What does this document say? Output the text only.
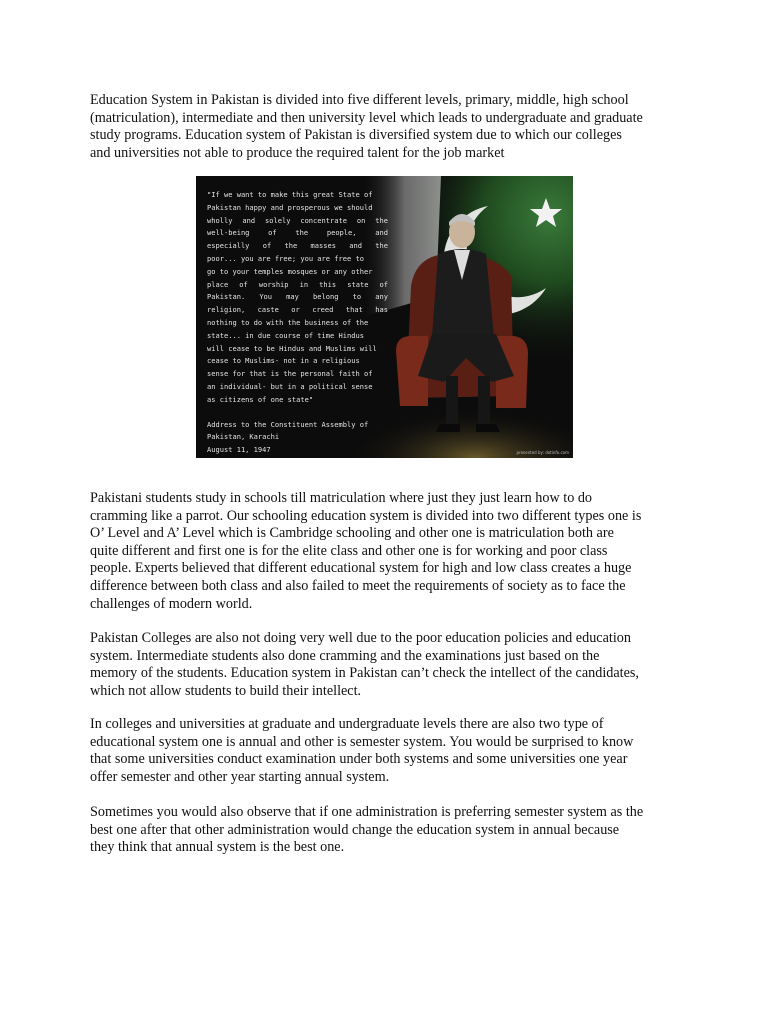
Education System in Pakistan is divided into five different levels, primary, middle, high school
(matriculation), intermediate and then university level which leads to undergraduate and graduate
study programs. Education system of Pakistan is diversified system due to which our colleges
and universities not able to produce the required talent for the job market

"If we want to make this great State of
Pakistan happy and prosperous we should
wholly and solely concentrate on the
well-being of the people, and
especially of the masses and the
poor... you are free; you are free to
go to your temples mosques or any other
place of worship in this state of
Pakistan. You may belong to any
religion, caste or creed that has
nothing to do with the business of the
state... in due course of time Hindus
will cease to be Hindus and Muslims will
cease to Muslims- not in a religious
sense for that is the personal faith of
an individual- but in a political sense
as citizens of one state"
Address to the Constituent Assembly of
Pakistan, Karachi
August 11, 1947	presented by: dotinfo.com

Pakistani students study in schools till matriculation where just they just learn how to do
cramming like a parrot. Our schooling education system is divided into two different types one is
O’ Level and A’ Level which is Cambridge schooling and other one is matriculation both are
quite different and first one is for the elite class and other one is for working and poor class
people. Experts believed that different educational system for high and low class creates a huge
difference between both class and also failed to meet the requirements of society as to face the
challenges of modern world.

Pakistan Colleges are also not doing very well due to the poor education policies and education
system. Intermediate students also done cramming and the examinations just based on the
memory of the students. Education system in Pakistan can’t check the intellect of the candidates,
which not allow students to build their intellect.

In colleges and universities at graduate and undergraduate levels there are also two type of
educational system one is annual and other is semester system. You would be surprised to know
that some universities conduct examination under both systems and some universities one year
offer semester and other year starting annual system.

Sometimes you would also observe that if one administration is preferring semester system as the
best one after that other administration would change the education system in annual because
they think that annual system is the best one.
